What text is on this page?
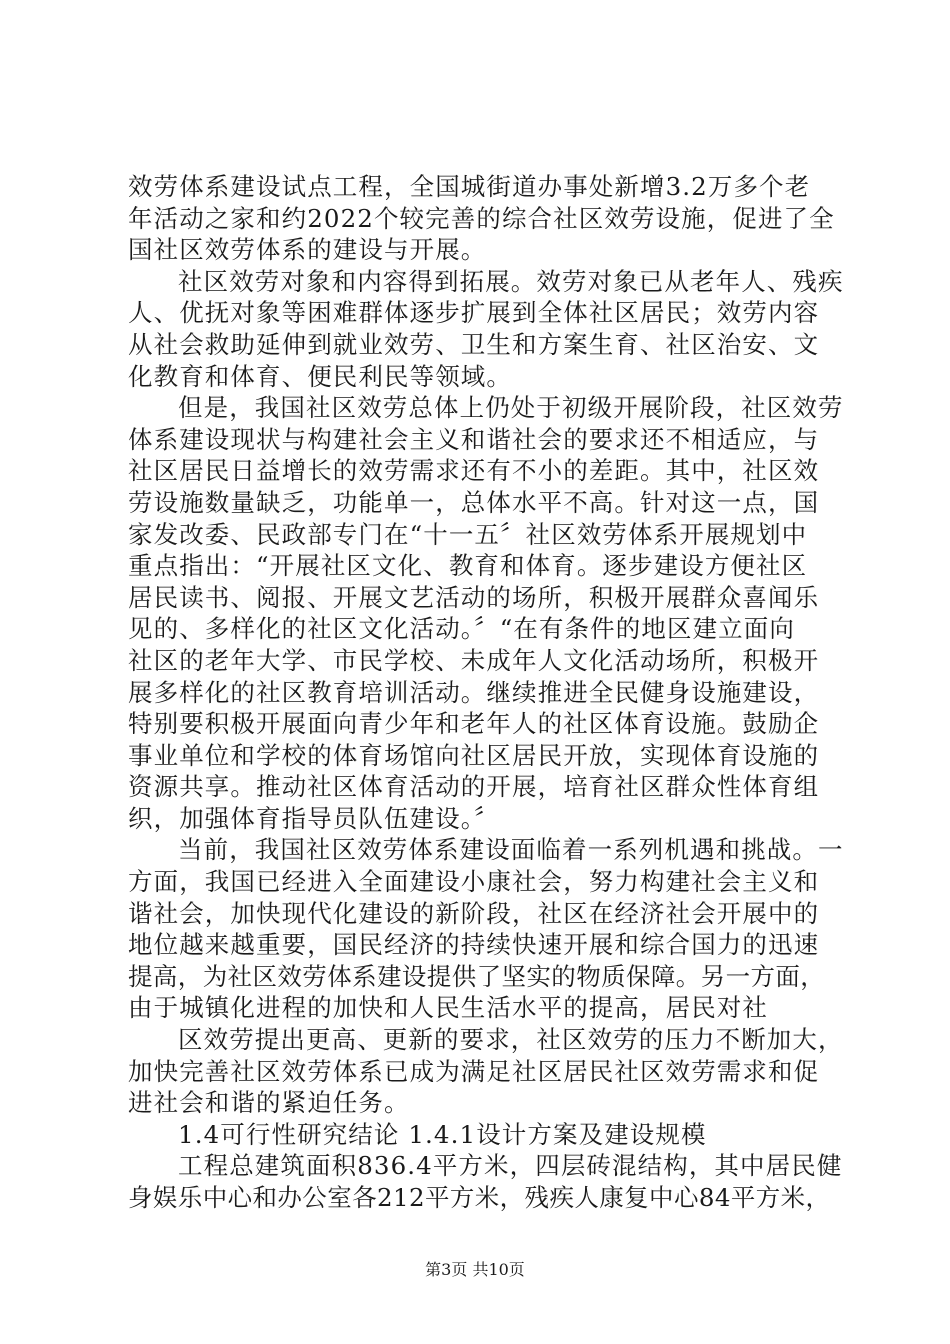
效劳体系建设试点工程，全国城街道办事处新增3.2万多个老
年活动之家和约2022个较完善的综合社区效劳设施，促进了全
国社区效劳体系的建设与开展。
社区效劳对象和内容得到拓展。效劳对象已从老年人、残疾
人、优抚对象等困难群体逐步扩展到全体社区居民；效劳内容
从社会救助延伸到就业效劳、卫生和方案生育、社区治安、文
化教育和体育、便民利民等领域。
但是，我国社区效劳总体上仍处于初级开展阶段，社区效劳
体系建设现状与构建社会主义和谐社会的要求还不相适应，与
社区居民日益增长的效劳需求还有不小的差距。其中，社区效
劳设施数量缺乏，功能单一，总体水平不高。针对这一点，国
家发改委、民政部专门在“十一五〞社区效劳体系开展规划中
重点指出：“开展社区文化、教育和体育。逐步建设方便社区
居民读书、阅报、开展文艺活动的场所，积极开展群众喜闻乐
见的、多样化的社区文化活动。〞“在有条件的地区建立面向
社区的老年大学、市民学校、未成年人文化活动场所，积极开
展多样化的社区教育培训活动。继续推进全民健身设施建设，
特别要积极开展面向青少年和老年人的社区体育设施。鼓励企
事业单位和学校的体育场馆向社区居民开放，实现体育设施的
资源共享。推动社区体育活动的开展，培育社区群众性体育组
织，加强体育指导员队伍建设。〞
当前，我国社区效劳体系建设面临着一系列机遇和挑战。一
方面，我国已经进入全面建设小康社会，努力构建社会主义和
谐社会，加快现代化建设的新阶段，社区在经济社会开展中的
地位越来越重要，国民经济的持续快速开展和综合国力的迅速
提高，为社区效劳体系建设提供了坚实的物质保障。另一方面，
由于城镇化进程的加快和人民生活水平的提高，居民对社
区效劳提出更高、更新的要求，社区效劳的压力不断加大，
加快完善社区效劳体系已成为满足社区居民社区效劳需求和促
进社会和谐的紧迫任务。
1.4可行性研究结论 1.4.1设计方案及建设规模
工程总建筑面积836.4平方米，四层砖混结构，其中居民健
身娱乐中心和办公室各212平方米，残疾人康复中心84平方米，
第3页 共10页
